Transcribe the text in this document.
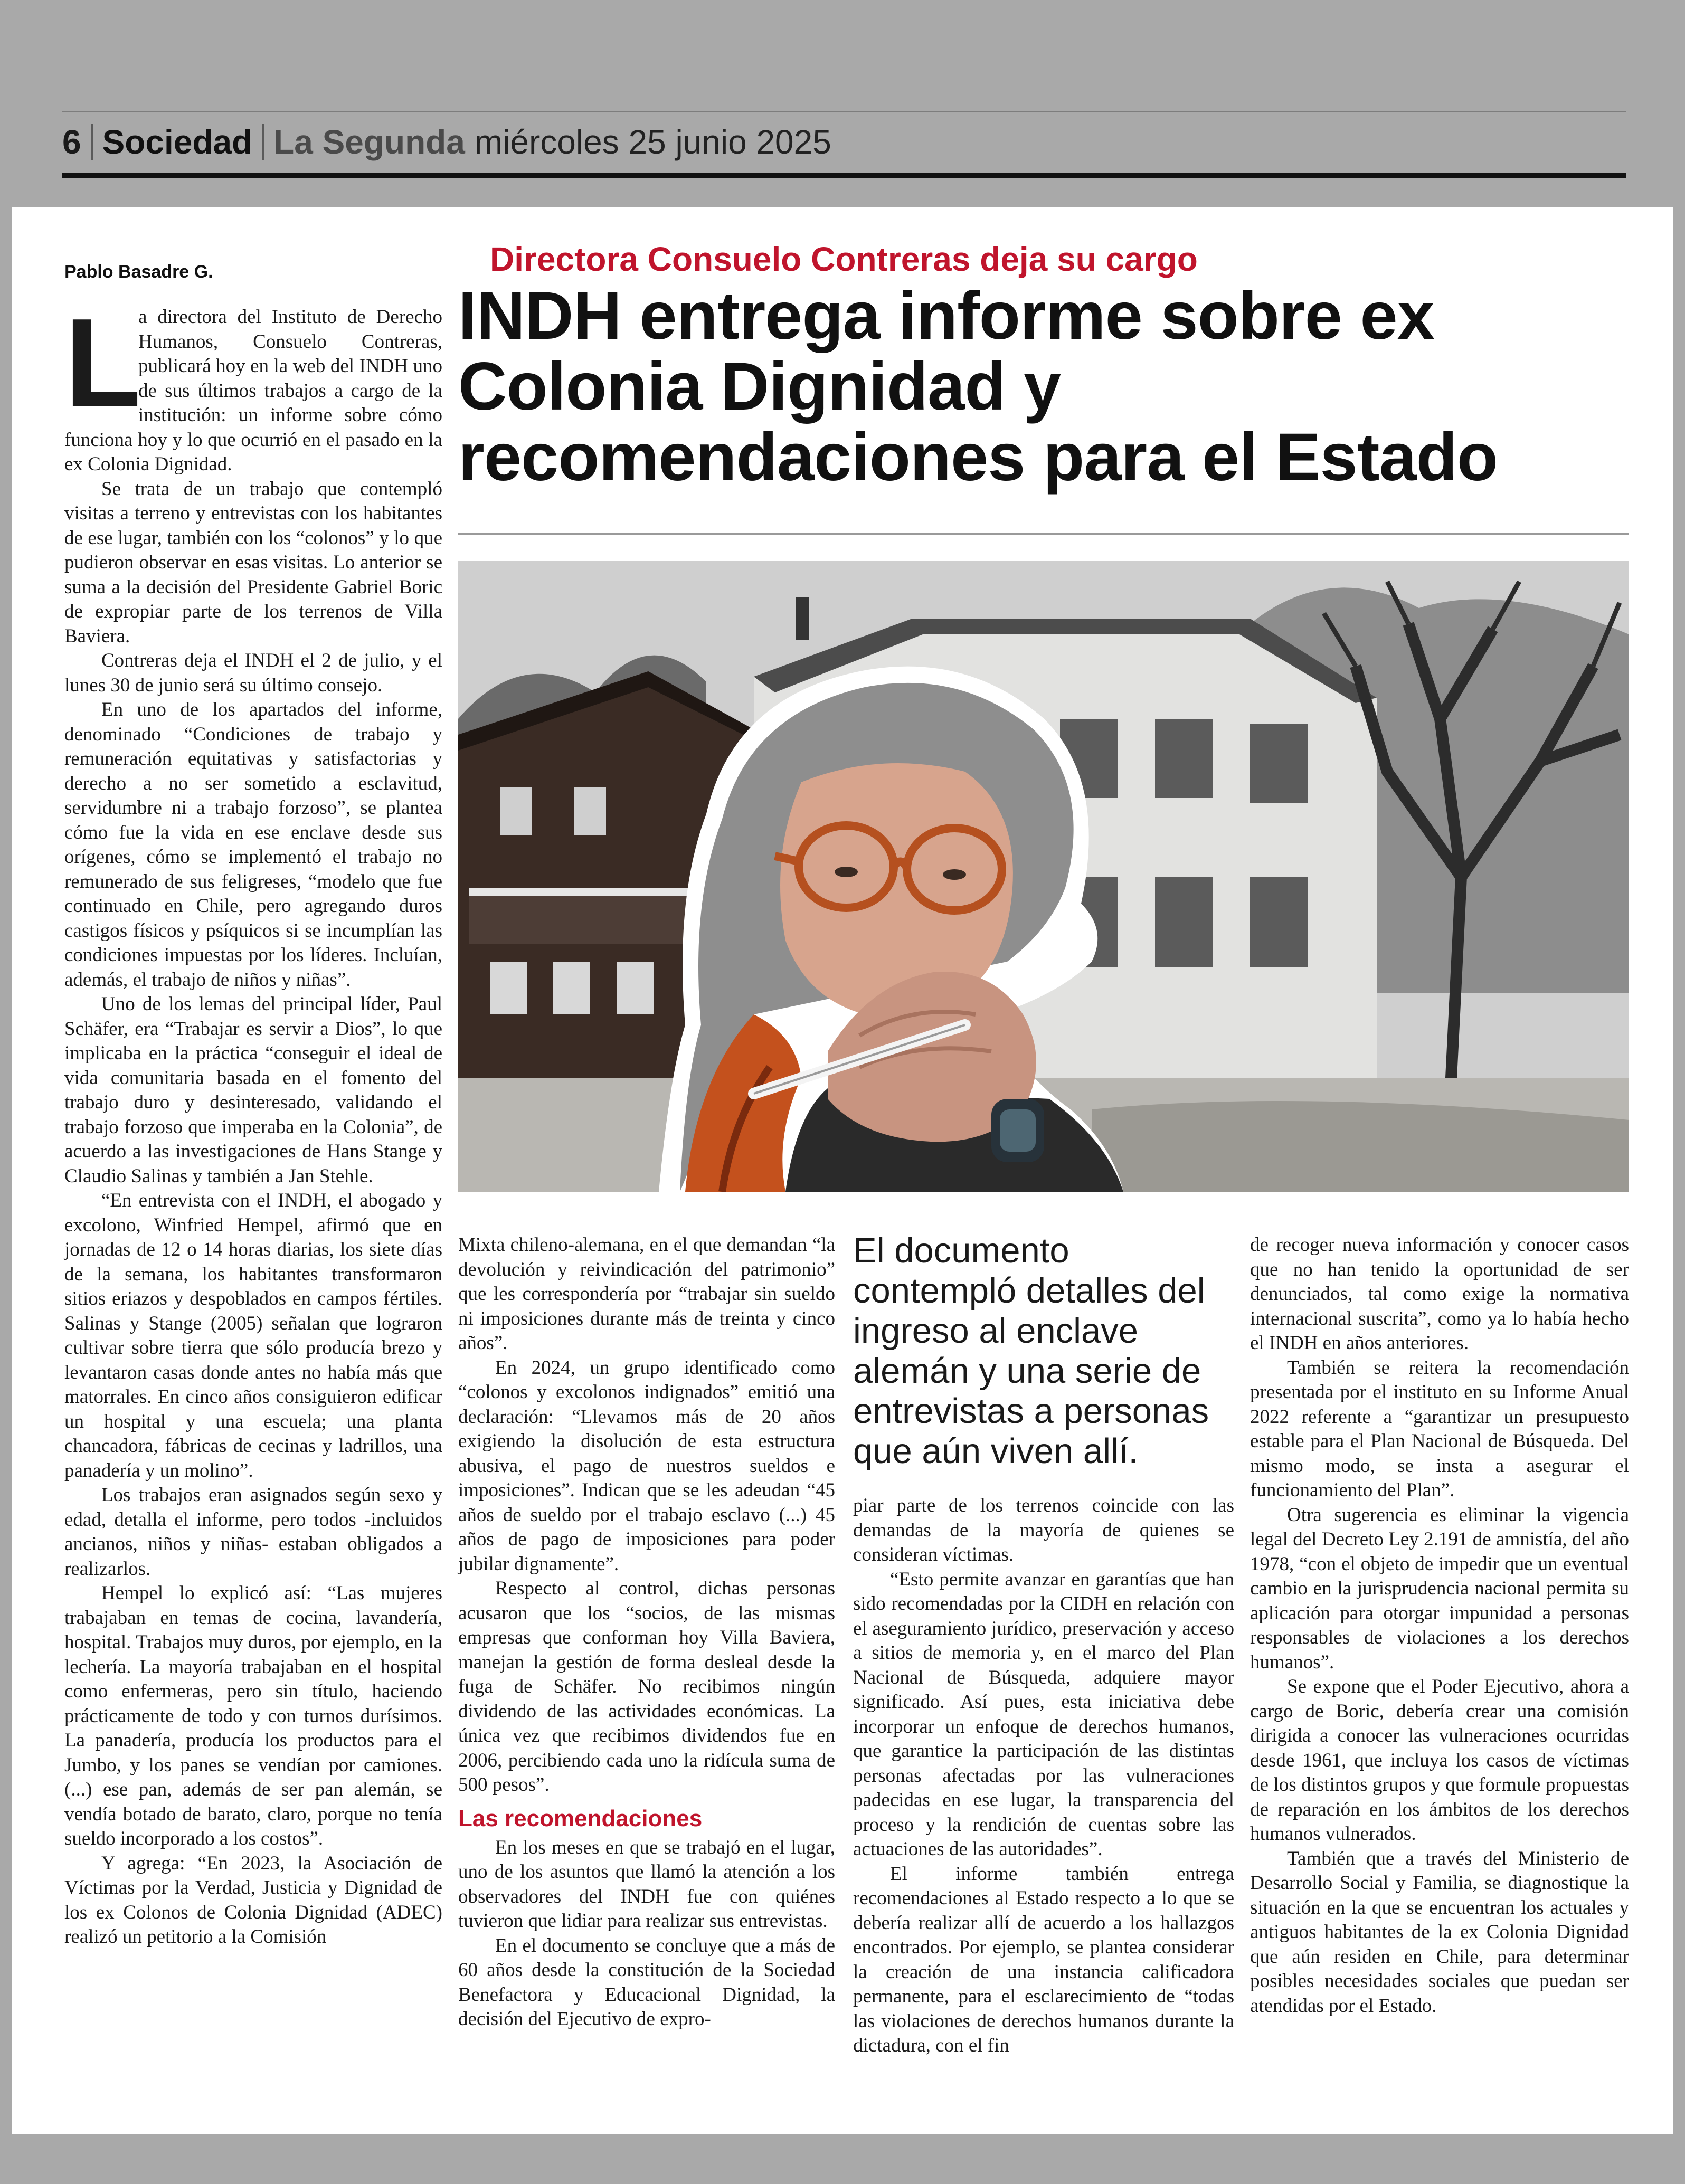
6 Sociedad La Segunda miércoles 25 junio 2025
Pablo Basadre G.	Directora Consuelo Contreras deja su cargo
INDH entrega informe sobre ex Colonia Dignidad y recomendaciones para el Estado
L

a directora del Instituto de Derecho Humanos, Consuelo Contreras, publicará hoy en la web del INDH uno de sus últimos trabajos a cargo de la institución: un informe sobre cómo funciona hoy y lo que ocurrió en el pasado en la ex Colonia Dignidad.

Se trata de un trabajo que contempló visitas a terreno y entrevistas con los habitantes de ese lugar, también con los “colonos” y lo que pudieron observar en esas visitas. Lo anterior se suma a la decisión del Presidente Gabriel Boric de expropiar parte de los terrenos de Villa Baviera.

Contreras deja el INDH el 2 de julio, y el lunes 30 de junio será su último consejo.

En uno de los apartados del informe, denominado “Condiciones de trabajo y remuneración equitativas y satisfactorias y derecho a no ser sometido a esclavitud, servidumbre ni a trabajo forzoso”, se plantea cómo fue la vida en ese enclave desde sus orígenes, cómo se implementó el trabajo no remunerado de sus feligreses, “modelo que fue continuado en Chile, pero agregando duros castigos físicos y psíquicos si se incumplían las condiciones impuestas por los líderes. Incluían, además, el trabajo de niños y niñas”.

Uno de los lemas del principal líder, Paul Schäfer, era “Trabajar es servir a Dios”, lo que implicaba en la práctica “conseguir el ideal de vida comunitaria basada en el fomento del trabajo duro y desinteresado, validando el trabajo forzoso que imperaba en la Colonia”, de acuerdo a las investigaciones de Hans Stange y Claudio Salinas y también a Jan Stehle.

“En entrevista con el INDH, el abogado y excolono, Winfried Hempel, afirmó que en jornadas de 12 o 14 horas diarias, los siete días de la semana, los habitantes transformaron sitios eriazos y despoblados en campos fértiles. Salinas y Stange (2005) señalan que lograron cultivar sobre tierra que sólo producía brezo y levantaron casas donde antes no había más que matorrales. En cinco años consiguieron edificar un hospital y una escuela; una planta chancadora, fábricas de cecinas y ladrillos, una panadería y un molino”.

Los trabajos eran asignados según sexo y edad, detalla el informe, pero todos -incluidos ancianos, niños y niñas- estaban obligados a realizarlos.

Hempel lo explicó así: “Las mujeres trabajaban en temas de cocina, lavandería, hospital. Trabajos muy duros, por ejemplo, en la lechería. La mayoría trabajaban en el hospital como enfermeras, pero sin título, haciendo prácticamente de todo y con turnos durísimos. La panadería, producía los productos para el Jumbo, y los panes se vendían por camiones. (...) ese pan, además de ser pan alemán, se vendía botado de barato, claro, porque no tenía sueldo incorporado a los costos”.

Y agrega: “En 2023, la Asociación de Víctimas por la Verdad, Justicia y Dignidad de los ex Colonos de Colonia Dignidad (ADEC) realizó un petitorio a la Comisión

Mixta chileno-alemana, en el que demandan “la devolución y reivindicación del patrimonio” que les correspondería por “trabajar sin sueldo ni imposiciones durante más de treinta y cinco años”.

En 2024, un grupo identificado como “colonos y excolonos indignados” emitió una declaración: “Llevamos más de 20 años exigiendo la disolución de esta estructura abusiva, el pago de nuestros sueldos e imposiciones”. Indican que se les adeudan “45 años de sueldo por el trabajo esclavo (...) 45 años de pago de imposiciones para poder jubilar dignamente”.

Respecto al control, dichas personas acusaron que los “socios, de las mismas empresas que conforman hoy Villa Baviera, manejan la gestión de forma desleal desde la fuga de Schäfer. No recibimos ningún dividendo de las actividades económicas. La única vez que recibimos dividendos fue en 2006, percibiendo cada uno la ridícula suma de 500 pesos”.

Las recomendaciones

En los meses en que se trabajó en el lugar, uno de los asuntos que llamó la atención a los observadores del INDH fue con quiénes tuvieron que lidiar para realizar sus entrevistas.

En el documento se concluye que a más de 60 años desde la constitución de la Sociedad Benefactora y Educacional Dignidad, la decisión del Ejecutivo de expro-

El documento contempló detalles del ingreso al enclave alemán y una serie de entrevistas a personas que aún viven allí.

piar parte de los terrenos coincide con las demandas de la mayoría de quienes se consideran víctimas.

“Esto permite avanzar en garantías que han sido recomendadas por la CIDH en relación con el aseguramiento jurídico, preservación y acceso a sitios de memoria y, en el marco del Plan Nacional de Búsqueda, adquiere mayor significado. Así pues, esta iniciativa debe incorporar un enfoque de derechos humanos, que garantice la participación de las distintas personas afectadas por las vulneraciones padecidas en ese lugar, la transparencia del proceso y la rendición de cuentas sobre las actuaciones de las autoridades”.

El informe también entrega recomendaciones al Estado respecto a lo que se debería realizar allí de acuerdo a los hallazgos encontrados. Por ejemplo, se plantea considerar la creación de una instancia calificadora permanente, para el esclarecimiento de “todas las violaciones de derechos humanos durante la dictadura, con el fin

de recoger nueva información y conocer casos que no han tenido la oportunidad de ser denunciados, tal como exige la normativa internacional suscrita”, como ya lo había hecho el INDH en años anteriores.

También se reitera la recomendación presentada por el instituto en su Informe Anual 2022 referente a “garantizar un presupuesto estable para el Plan Nacional de Búsqueda. Del mismo modo, se insta a asegurar el funcionamiento del Plan”.

Otra sugerencia es eliminar la vigencia legal del Decreto Ley 2.191 de amnistía, del año 1978, “con el objeto de impedir que un eventual cambio en la jurisprudencia nacional permita su aplicación para otorgar impunidad a personas responsables de violaciones a los derechos humanos”.

Se expone que el Poder Ejecutivo, ahora a cargo de Boric, debería crear una comisión dirigida a conocer las vulneraciones ocurridas desde 1961, que incluya los casos de víctimas de los distintos grupos y que formule propuestas de reparación en los ámbitos de los derechos humanos vulnerados.

También que a través del Ministerio de Desarrollo Social y Familia, se diagnostique la situación en la que se encuentran los actuales y antiguos habitantes de la ex Colonia Dignidad que aún residen en Chile, para determinar posibles necesidades sociales que puedan ser atendidas por el Estado.
